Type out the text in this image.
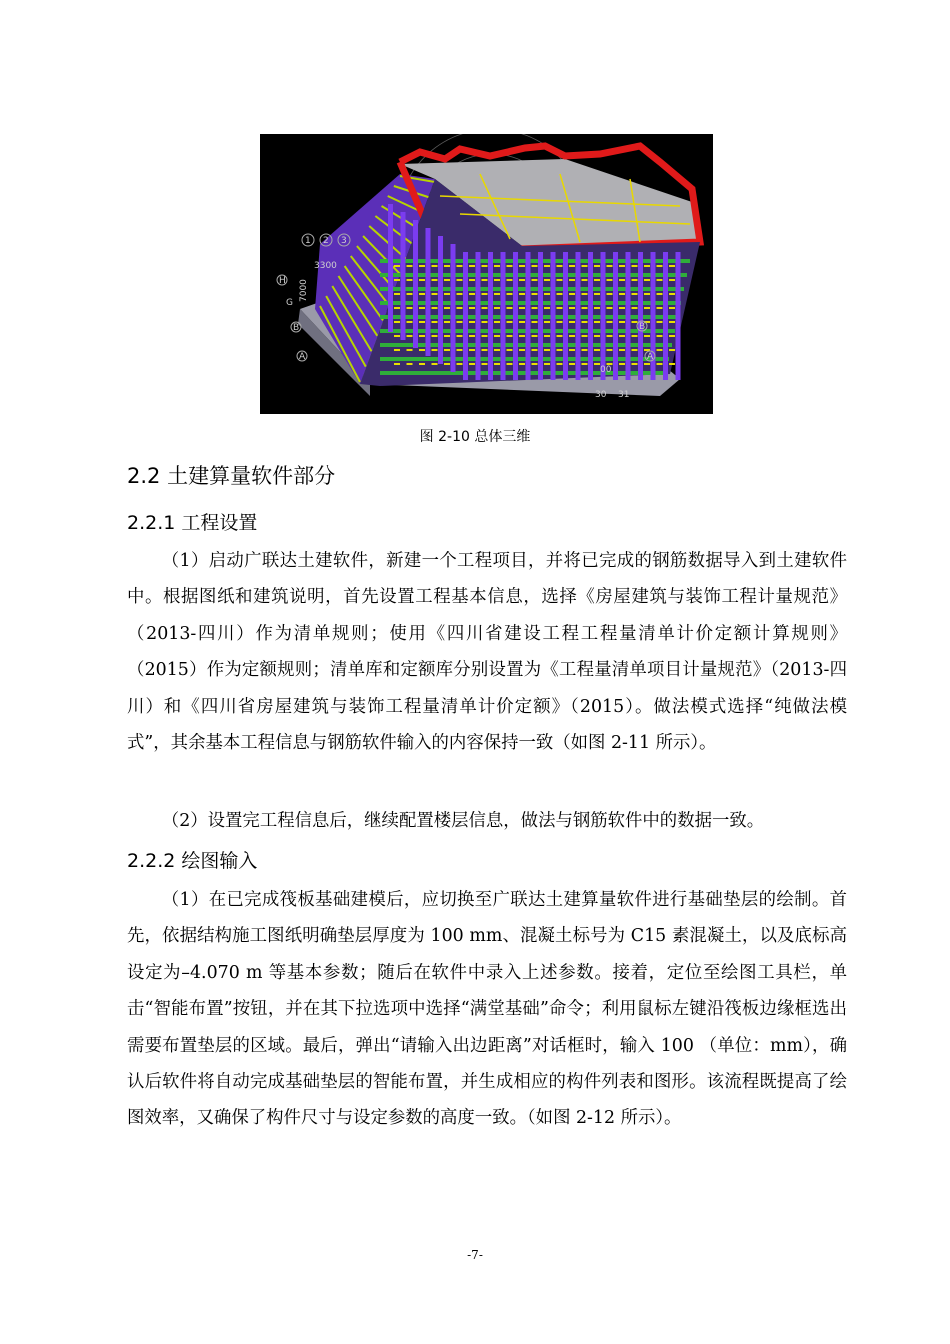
1 2 3
3300
7000
H
G
B
A
B
A
00
30 31
图 2-10 总体三维
2.2 土建算量软件部分
2.2.1 工程设置

（1）启动广联达土建软件，新建一个工程项目，并将已完成的钢筋数据导入到土建软件中。根据图纸和建筑说明，首先设置工程基本信息，选择《房屋建筑与装饰工程计量规范》（2013-四川）作为清单规则；使用《四川省建设工程工程量清单计价定额计算规则》（2015）作为定额规则；清单库和定额库分别设置为《工程量清单项目计量规范》（2013-四川）和《四川省房屋建筑与装饰工程量清单计价定额》（2015）。做法模式选择“纯做法模式”，其余基本工程信息与钢筋软件输入的内容保持一致（如图 2-11 所示）。

（2）设置完工程信息后，继续配置楼层信息，做法与钢筋软件中的数据一致。

2.2.2 绘图输入

（1）在已完成筏板基础建模后，应切换至广联达土建算量软件进行基础垫层的绘制。首先，依据结构施工图纸明确垫层厚度为 100 mm、混凝土标号为 C15 素混凝土，以及底标高设定为–4.070 m 等基本参数；随后在软件中录入上述参数。接着，定位至绘图工具栏，单击“智能布置”按钮，并在其下拉选项中选择“满堂基础”命令；利用鼠标左键沿筏板边缘框选出需要布置垫层的区域。最后，弹出“请输入出边距离”对话框时，输入 100 （单位：mm），确认后软件将自动完成基础垫层的智能布置，并生成相应的构件列表和图形。该流程既提高了绘图效率，又确保了构件尺寸与设定参数的高度一致。（如图 2-12 所示）。

-7-
